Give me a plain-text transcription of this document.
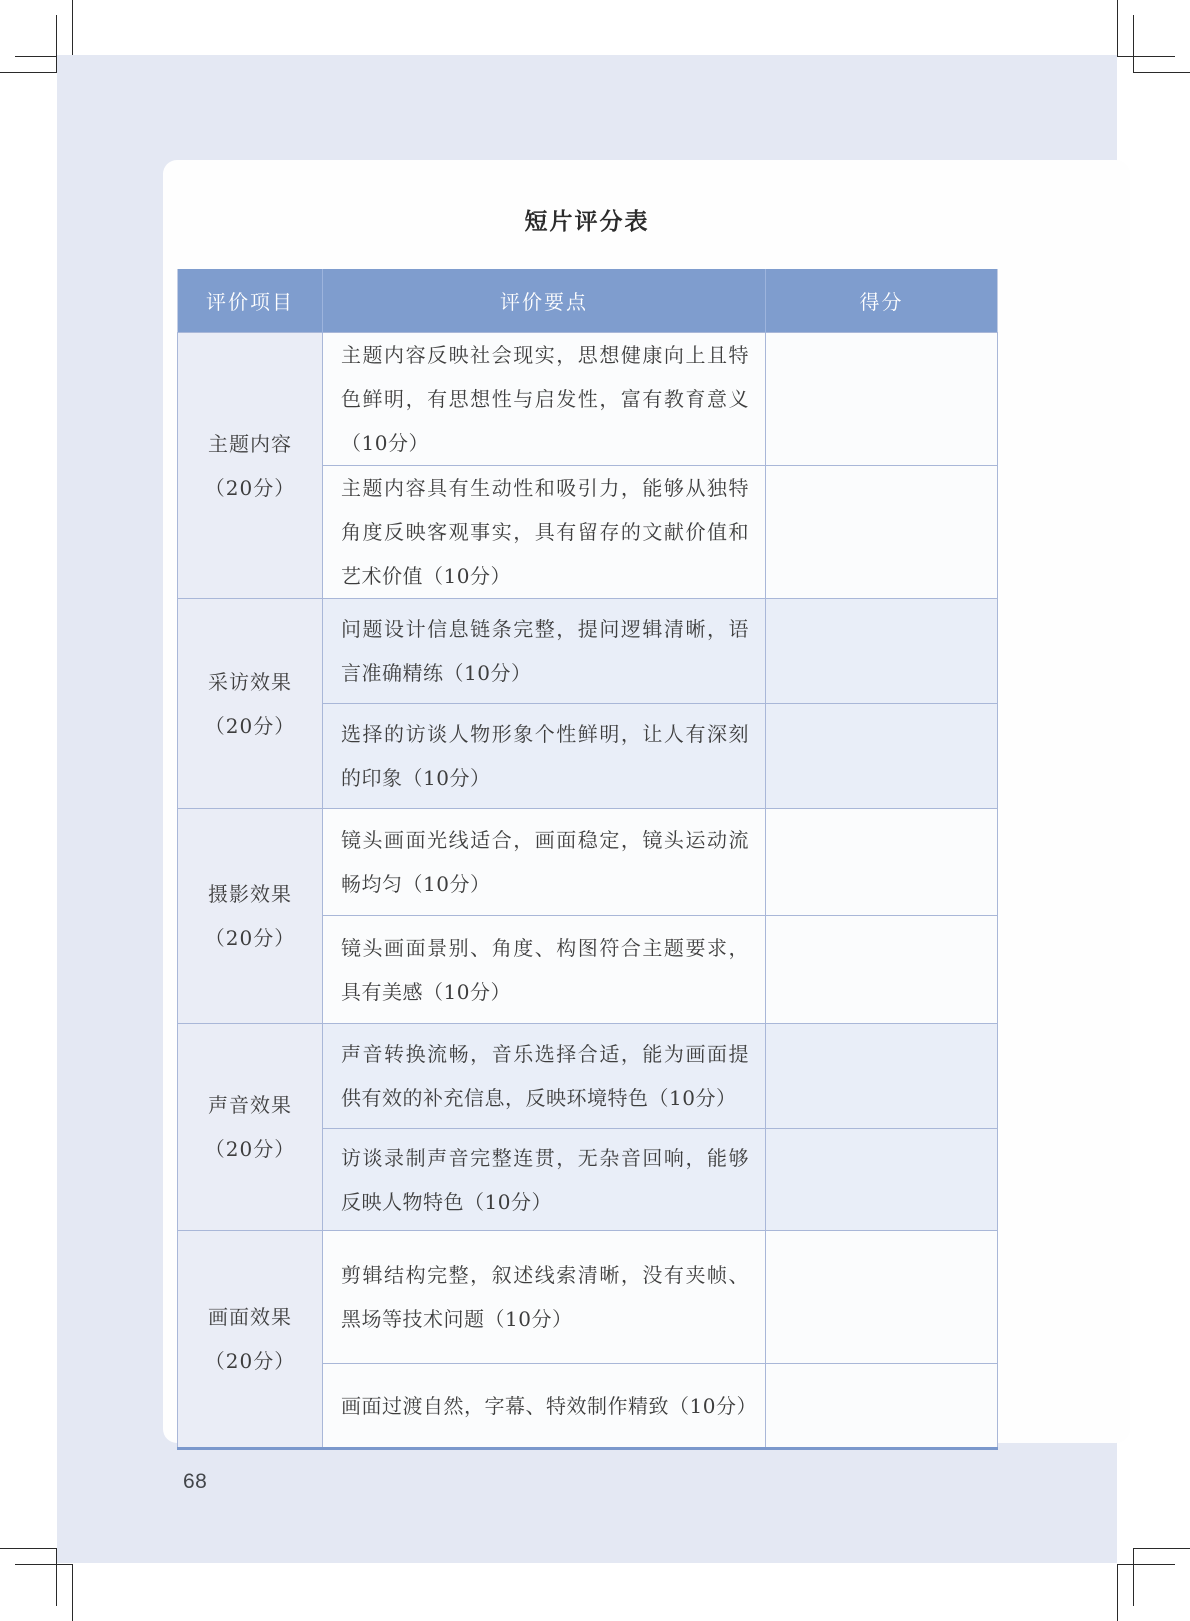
短片评分表
评价项目	评价要点	得分

主题内容
（20分）	主题内容反映社会现实，思想健康向上且特色鲜明，有思想性与启发性，富有教育意义（10分）	
	主题内容具有生动性和吸引力，能够从独特角度反映客观事实，具有留存的文献价值和艺术价值（10分）	

采访效果
（20分）	问题设计信息链条完整，提问逻辑清晰，语言准确精练（10分）	
	选择的访谈人物形象个性鲜明，让人有深刻的印象（10分）	

摄影效果
（20分）	镜头画面光线适合，画面稳定，镜头运动流畅均匀（10分）	
	镜头画面景别、角度、构图符合主题要求，具有美感（10分）	

声音效果
（20分）	声音转换流畅，音乐选择合适，能为画面提供有效的补充信息，反映环境特色（10分）	
	访谈录制声音完整连贯，无杂音回响，能够反映人物特色（10分）	

画面效果
（20分）	剪辑结构完整，叙述线索清晰，没有夹帧、黑场等技术问题（10分）	
	画面过渡自然，字幕、特效制作精致（10分）	
68
